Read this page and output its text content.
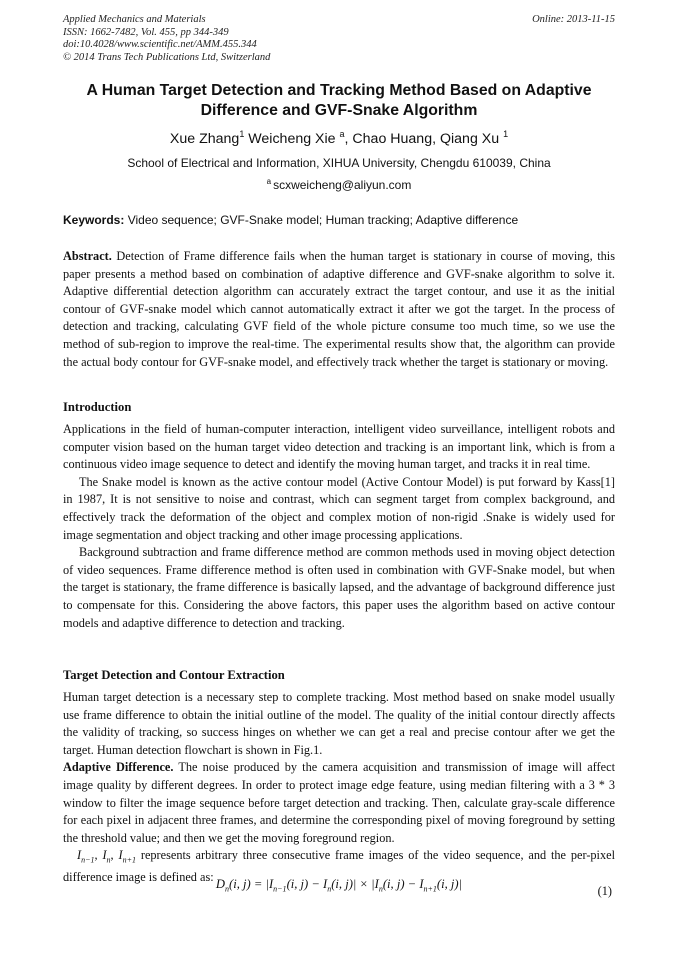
Applied Mechanics and Materials
ISSN: 1662-7482, Vol. 455, pp 344-349
doi:10.4028/www.scientific.net/AMM.455.344
© 2014 Trans Tech Publications Ltd, Switzerland
Online: 2013-11-15
A Human Target Detection and Tracking Method Based on Adaptive
Difference and GVF-Snake Algorithm
Xue Zhang$^1$ Weicheng Xie $^a$, Chao Huang, Qiang Xu $^1$
School of Electrical and Information, XIHUA University, Chengdu 610039, China
$^a$ scxweicheng@aliyun.com
Keywords: Video sequence; GVF-Snake model; Human tracking; Adaptive difference

Abstract. Detection of Frame difference fails when the human target is stationary in course of moving, this paper presents a method based on combination of adaptive difference and GVF-snake algorithm to solve it. Adaptive differential detection algorithm can accurately extract the target contour, and use it as the initial contour of GVF-snake model which cannot automatically extract it after we got the target. In the process of detection and tracking, calculating GVF field of the whole picture consume too much time, so we use the method of sub-region to improve the real-time. The experimental results show that, the algorithm can provide the actual body contour for GVF-snake model, and effectively track whether the target is stationary or moving.

Introduction

Applications in the field of human-computer interaction, intelligent video surveillance, intelligent robots and computer vision based on the human target video detection and tracking is an important link, which is from a continuous video image sequence to detect and identify the moving human target, and tracks it in real time.

The Snake model is known as the active contour model (Active Contour Model) is put forward by Kass[1] in 1987, It is not sensitive to noise and contrast, which can segment target from complex background, and effectively track the deformation of the object and complex motion of non-rigid .Snake is widely used for image segmentation and object tracking and other image processing applications.

Background subtraction and frame difference method are common methods used in moving object detection of video sequences. Frame difference method is often used in combination with GVF-Snake model, but when the target is stationary, the frame difference is basically lapsed, and the advantage of background difference just to compensate for this. Considering the above factors, this paper uses the algorithm based on active contour models and adaptive difference to detection and tracking.

Target Detection and Contour Extraction

Human target detection is a necessary step to complete tracking. Most method based on snake model usually use frame difference to obtain the initial outline of the model. The quality of the initial contour directly affects the validity of tracking, so success hinges on whether we can get a real and precise contour after we get the target. Human detection flowchart is shown in Fig.1.

Adaptive Difference. The noise produced by the camera acquisition and transmission of image will affect image quality by different degrees. In order to protect image edge feature, using median filtering with a 3 * 3 window to filter the image sequence before target detection and tracking. Then, calculate gray-scale difference for each pixel in adjacent three frames, and determine the corresponding pixel of moving foreground by setting the threshold value; and then we get the moving foreground region.

$I_{n-1}$, $I_n$, $I_{n+1}$ represents arbitrary three consecutive frame images of the video sequence, and the per-pixel difference image is defined as: $D_n(i$, $j) = |I_{n-1}(i$, $j) - I_n(i$, $j)| \times |I_n(i$, $j) - I_{n+1}(i$, j)|	(1)
